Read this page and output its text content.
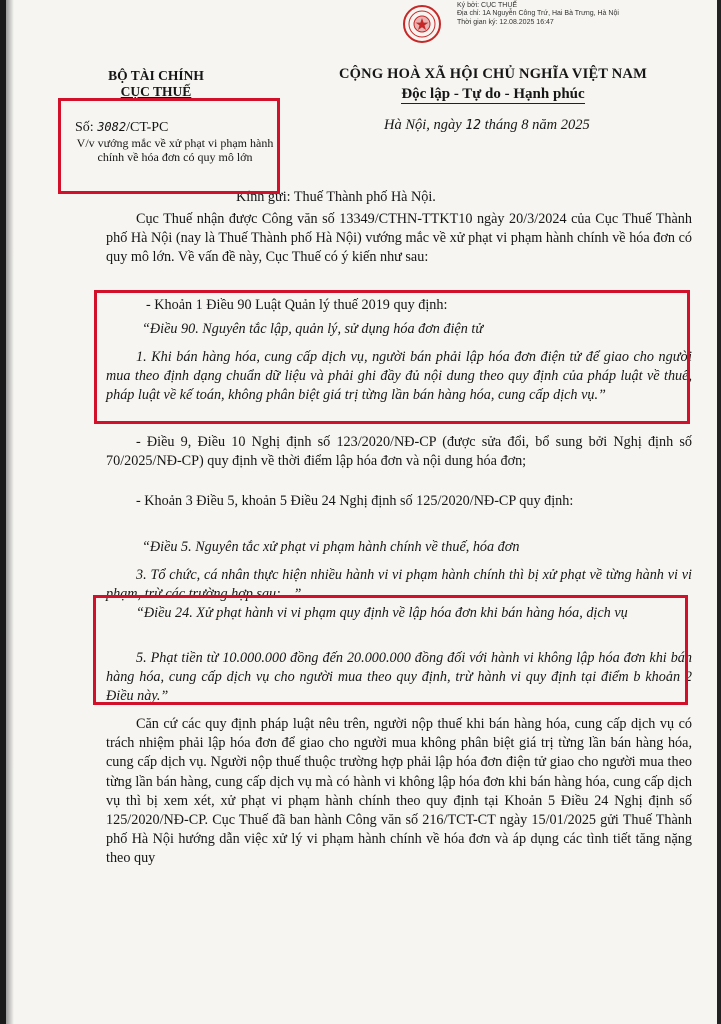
Ký bởi: CỤC THUẾ
Địa chỉ: 1A Nguyễn Công Trứ, Hai Bà Trưng, Hà Nội
Thời gian ký: 12.08.2025 16:47
BỘ TÀI CHÍNH
CỤC THUẾ
CỘNG HOÀ XÃ HỘI CHỦ NGHĨA VIỆT NAM
Độc lập - Tự do - Hạnh phúc
Số: 3082/CT-PC
V/v vướng mắc về xử phạt vi phạm hành chính về hóa đơn có quy mô lớn
Hà Nội, ngày 12 tháng 8 năm 2025

Kính gửi: Thuế Thành phố Hà Nội.

Cục Thuế nhận được Công văn số 13349/CTHN-TTKT10 ngày 20/3/2024 của Cục Thuế Thành phố Hà Nội (nay là Thuế Thành phố Hà Nội) vướng mắc về xử phạt vi phạm hành chính về hóa đơn có quy mô lớn. Về vấn đề này, Cục Thuế có ý kiến như sau:

- Khoản 1 Điều 90 Luật Quản lý thuế 2019 quy định:

“Điều 90. Nguyên tắc lập, quản lý, sử dụng hóa đơn điện tử

1. Khi bán hàng hóa, cung cấp dịch vụ, người bán phải lập hóa đơn điện tử để giao cho người mua theo định dạng chuẩn dữ liệu và phải ghi đầy đủ nội dung theo quy định của pháp luật về thuế, pháp luật về kế toán, không phân biệt giá trị từng lần bán hàng hóa, cung cấp dịch vụ.”

- Điều 9, Điều 10 Nghị định số 123/2020/NĐ-CP (được sửa đổi, bổ sung bởi Nghị định số 70/2025/NĐ-CP) quy định về thời điểm lập hóa đơn và nội dung hóa đơn;

- Khoản 3 Điều 5, khoản 5 Điều 24 Nghị định số 125/2020/NĐ-CP quy định:

“Điều 5. Nguyên tắc xử phạt vi phạm hành chính về thuế, hóa đơn

3. Tổ chức, cá nhân thực hiện nhiều hành vi vi phạm hành chính thì bị xử phạt về từng hành vi vi phạm, trừ các trường hợp sau:…”

“Điều 24. Xử phạt hành vi vi phạm quy định về lập hóa đơn khi bán hàng hóa, dịch vụ

5. Phạt tiền từ 10.000.000 đồng đến 20.000.000 đồng đối với hành vi không lập hóa đơn khi bán hàng hóa, cung cấp dịch vụ cho người mua theo quy định, trừ hành vi quy định tại điểm b khoản 2 Điều này.”

Căn cứ các quy định pháp luật nêu trên, người nộp thuế khi bán hàng hóa, cung cấp dịch vụ có trách nhiệm phải lập hóa đơn để giao cho người mua không phân biệt giá trị từng lần bán hàng hóa, cung cấp dịch vụ. Người nộp thuế thuộc trường hợp phải lập hóa đơn điện tử giao cho người mua theo từng lần bán hàng, cung cấp dịch vụ mà có hành vi không lập hóa đơn khi bán hàng hóa, cung cấp dịch vụ thì bị xem xét, xử phạt vi phạm hành chính theo quy định tại Khoản 5 Điều 24 Nghị định số 125/2020/NĐ-CP. Cục Thuế đã ban hành Công văn số 216/TCT-CT ngày 15/01/2025 gửi Thuế Thành phố Hà Nội hướng dẫn việc xử lý vi phạm hành chính về hóa đơn và áp dụng các tình tiết tăng nặng theo quy
